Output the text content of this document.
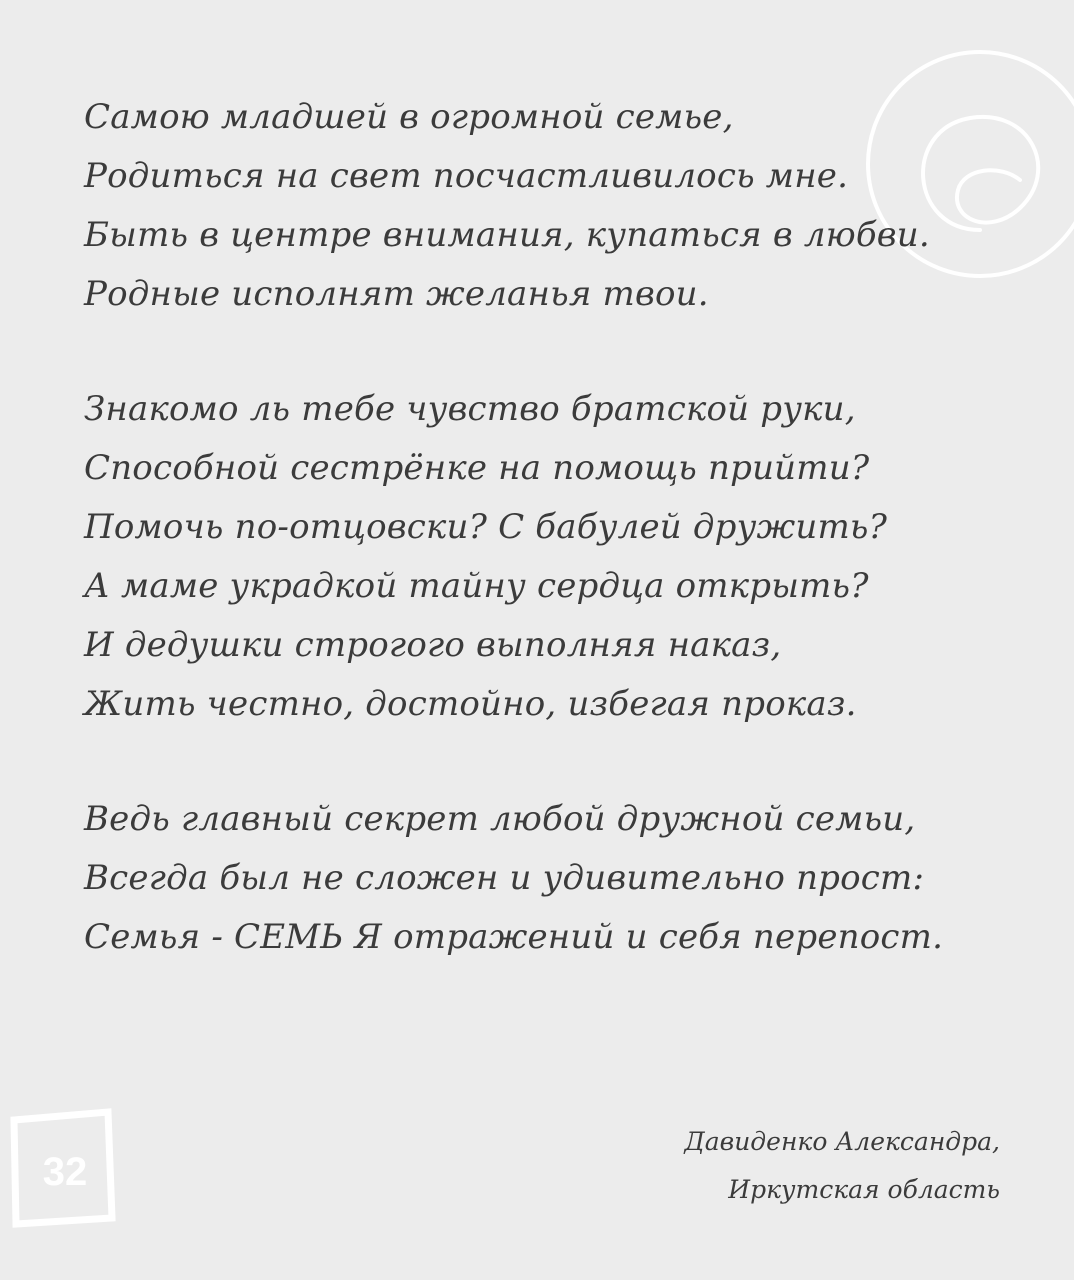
Самою младшей в огромной семье,
Родиться на свет посчастливилось мне.
Быть в центре внимания, купаться в любви.
Родные исполнят желанья твои.
Знакомо ль тебе чувство братской руки,
Способной сестрёнке на помощь прийти?
Помочь по-отцовски? С бабулей дружить?
А маме украдкой тайну сердца открыть?
И дедушки строгого выполняя наказ,
Жить честно, достойно, избегая проказ.
Ведь главный секрет любой дружной семьи,
Всегда был не сложен и удивительно прост:
Семья - СЕМЬ Я отражений и себя перепост.
32
Давиденко Александра,
Иркутская область
